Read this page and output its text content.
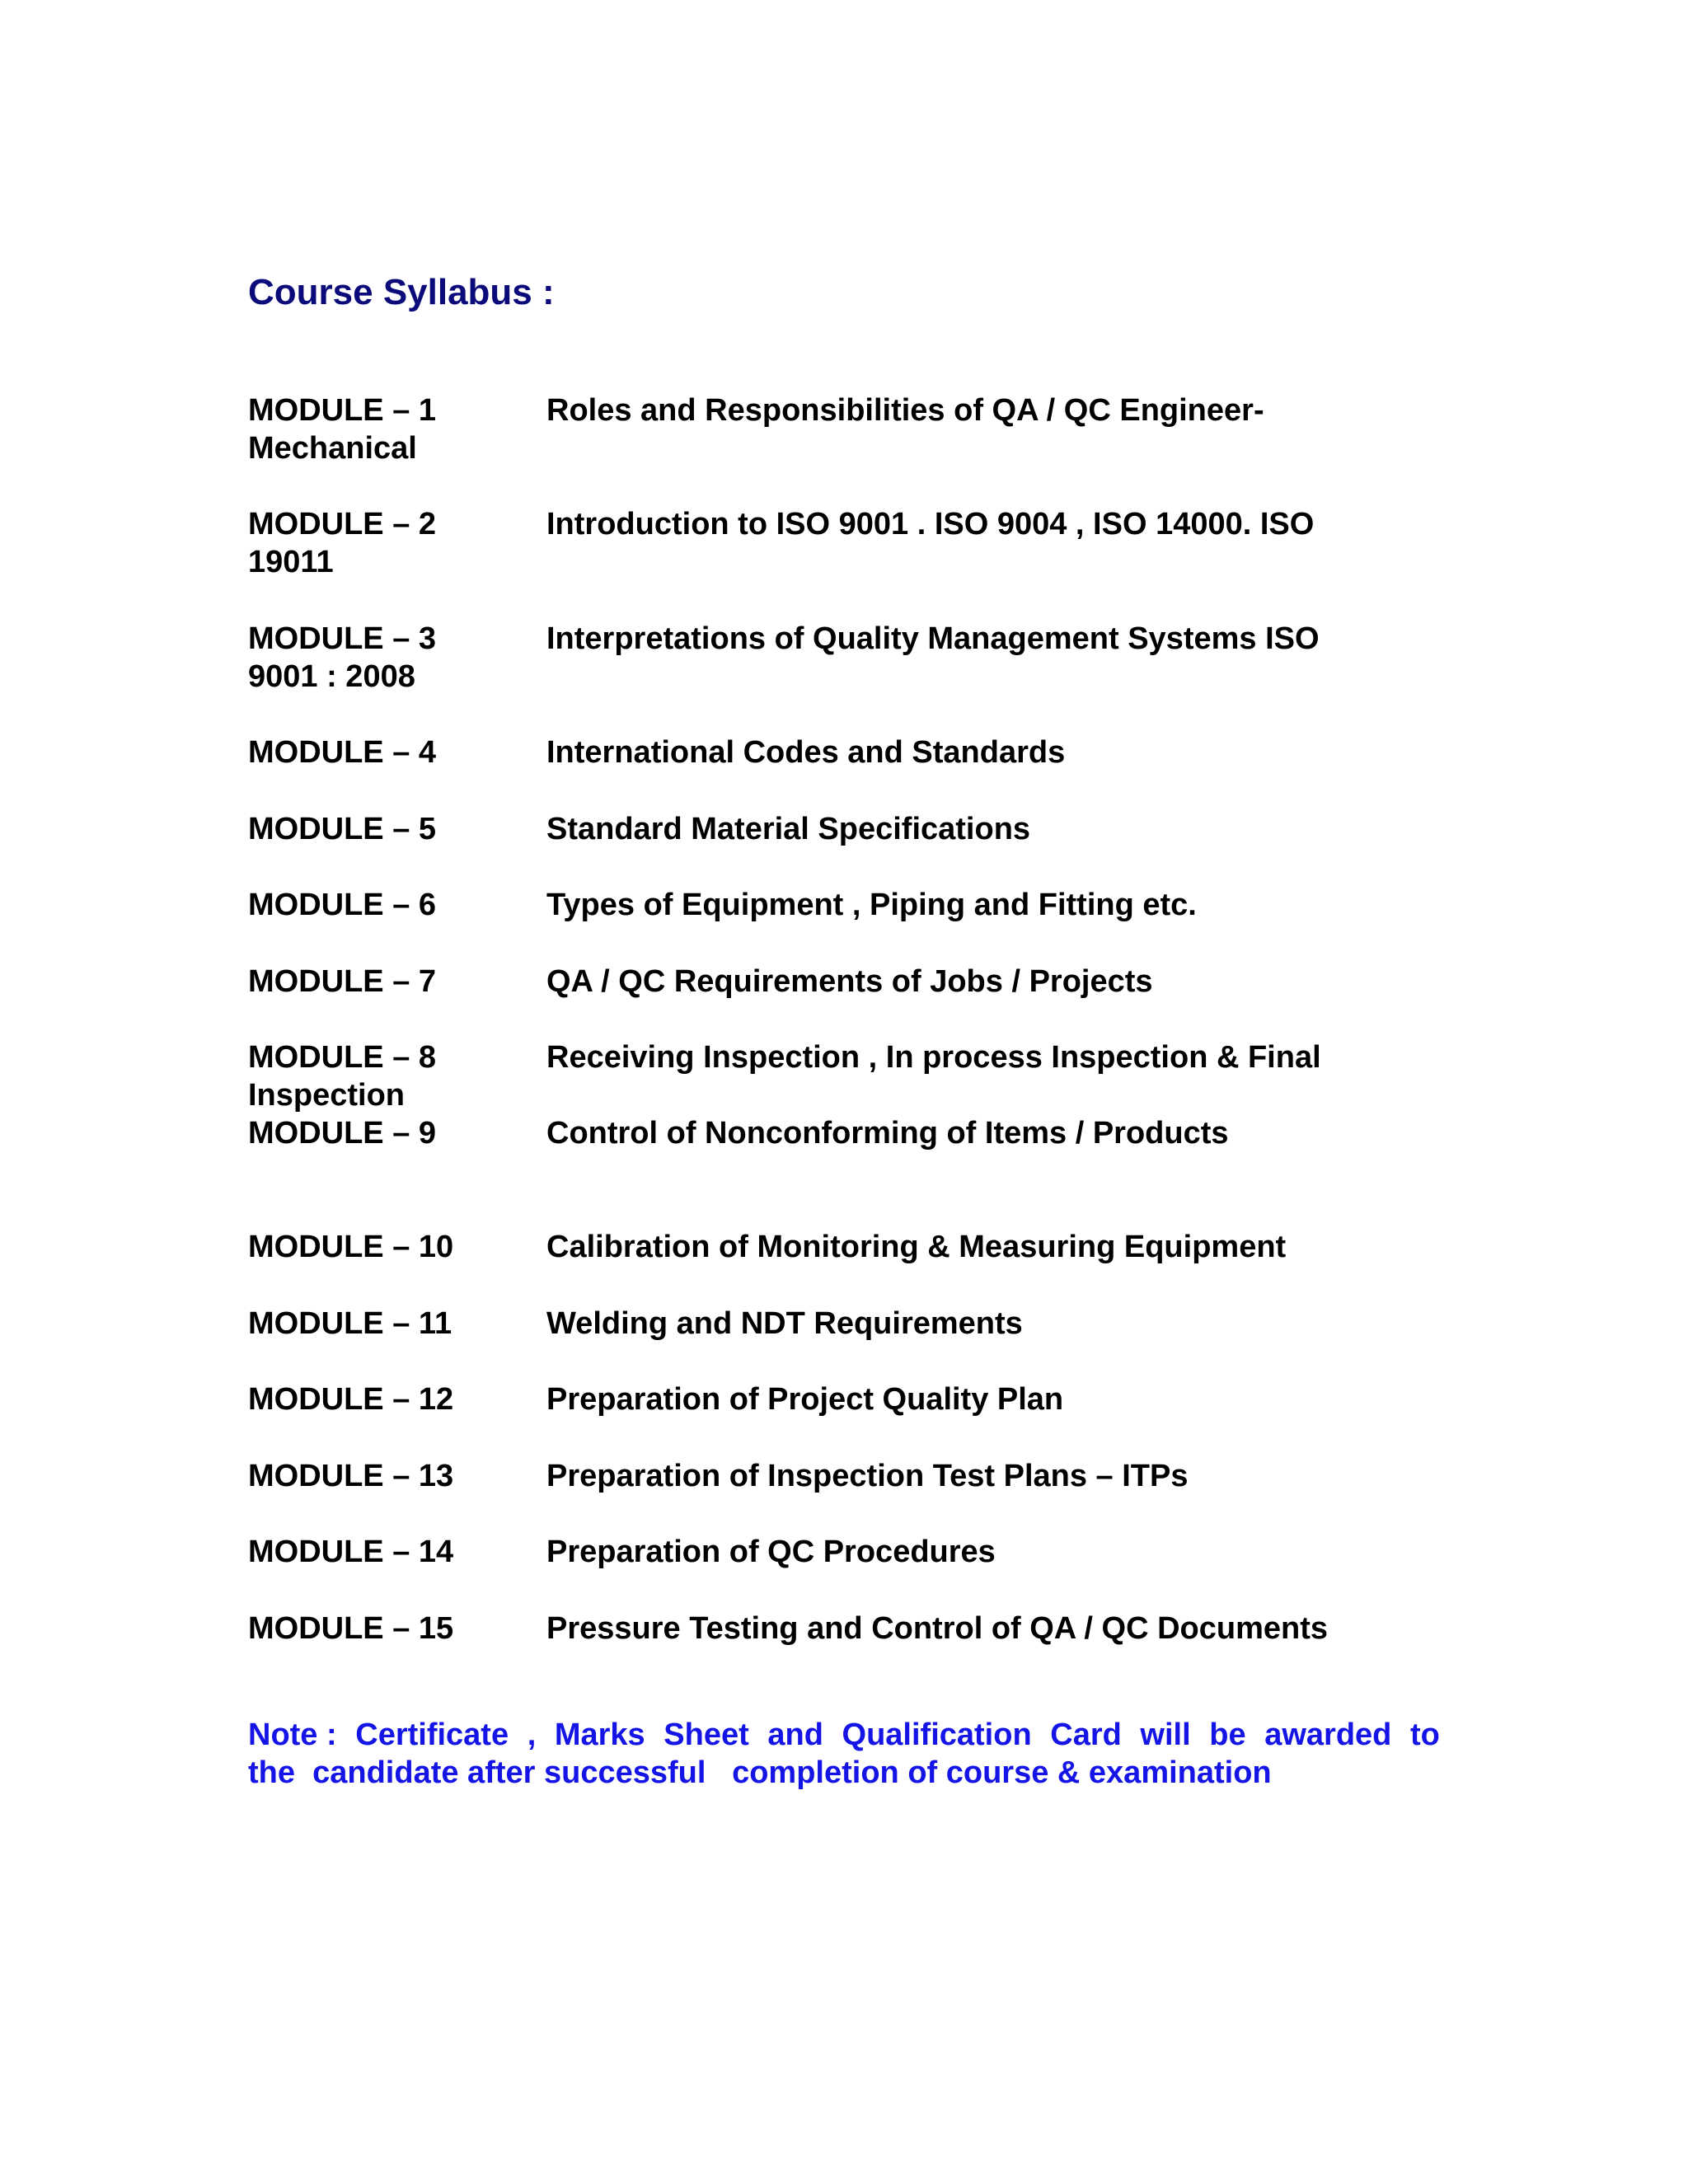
Course Syllabus :
MODULE – 1	Roles and Responsibilities of QA / QC Engineer-
Mechanical
MODULE – 2	Introduction to ISO 9001 . ISO 9004 , ISO 14000. ISO
19011
MODULE – 3	Interpretations of Quality Management Systems ISO
9001 : 2008
MODULE – 4	International Codes and Standards
MODULE – 5	Standard Material Specifications
MODULE – 6	Types of Equipment , Piping and Fitting etc.
MODULE – 7	QA / QC Requirements of Jobs / Projects
MODULE – 8	Receiving Inspection , In process Inspection & Final
Inspection
MODULE – 9	Control of Nonconforming of Items / Products
MODULE – 10	Calibration of Monitoring & Measuring Equipment
MODULE – 11	Welding and NDT Requirements
MODULE – 12	Preparation of Project Quality Plan
MODULE – 13	Preparation of Inspection Test Plans – ITPs
MODULE – 14	Preparation of QC Procedures
MODULE – 15	Pressure Testing and Control of QA / QC Documents
Note : Certificate , Marks Sheet and Qualification Card will be awarded to
the  candidate after successful   completion of course & examination
